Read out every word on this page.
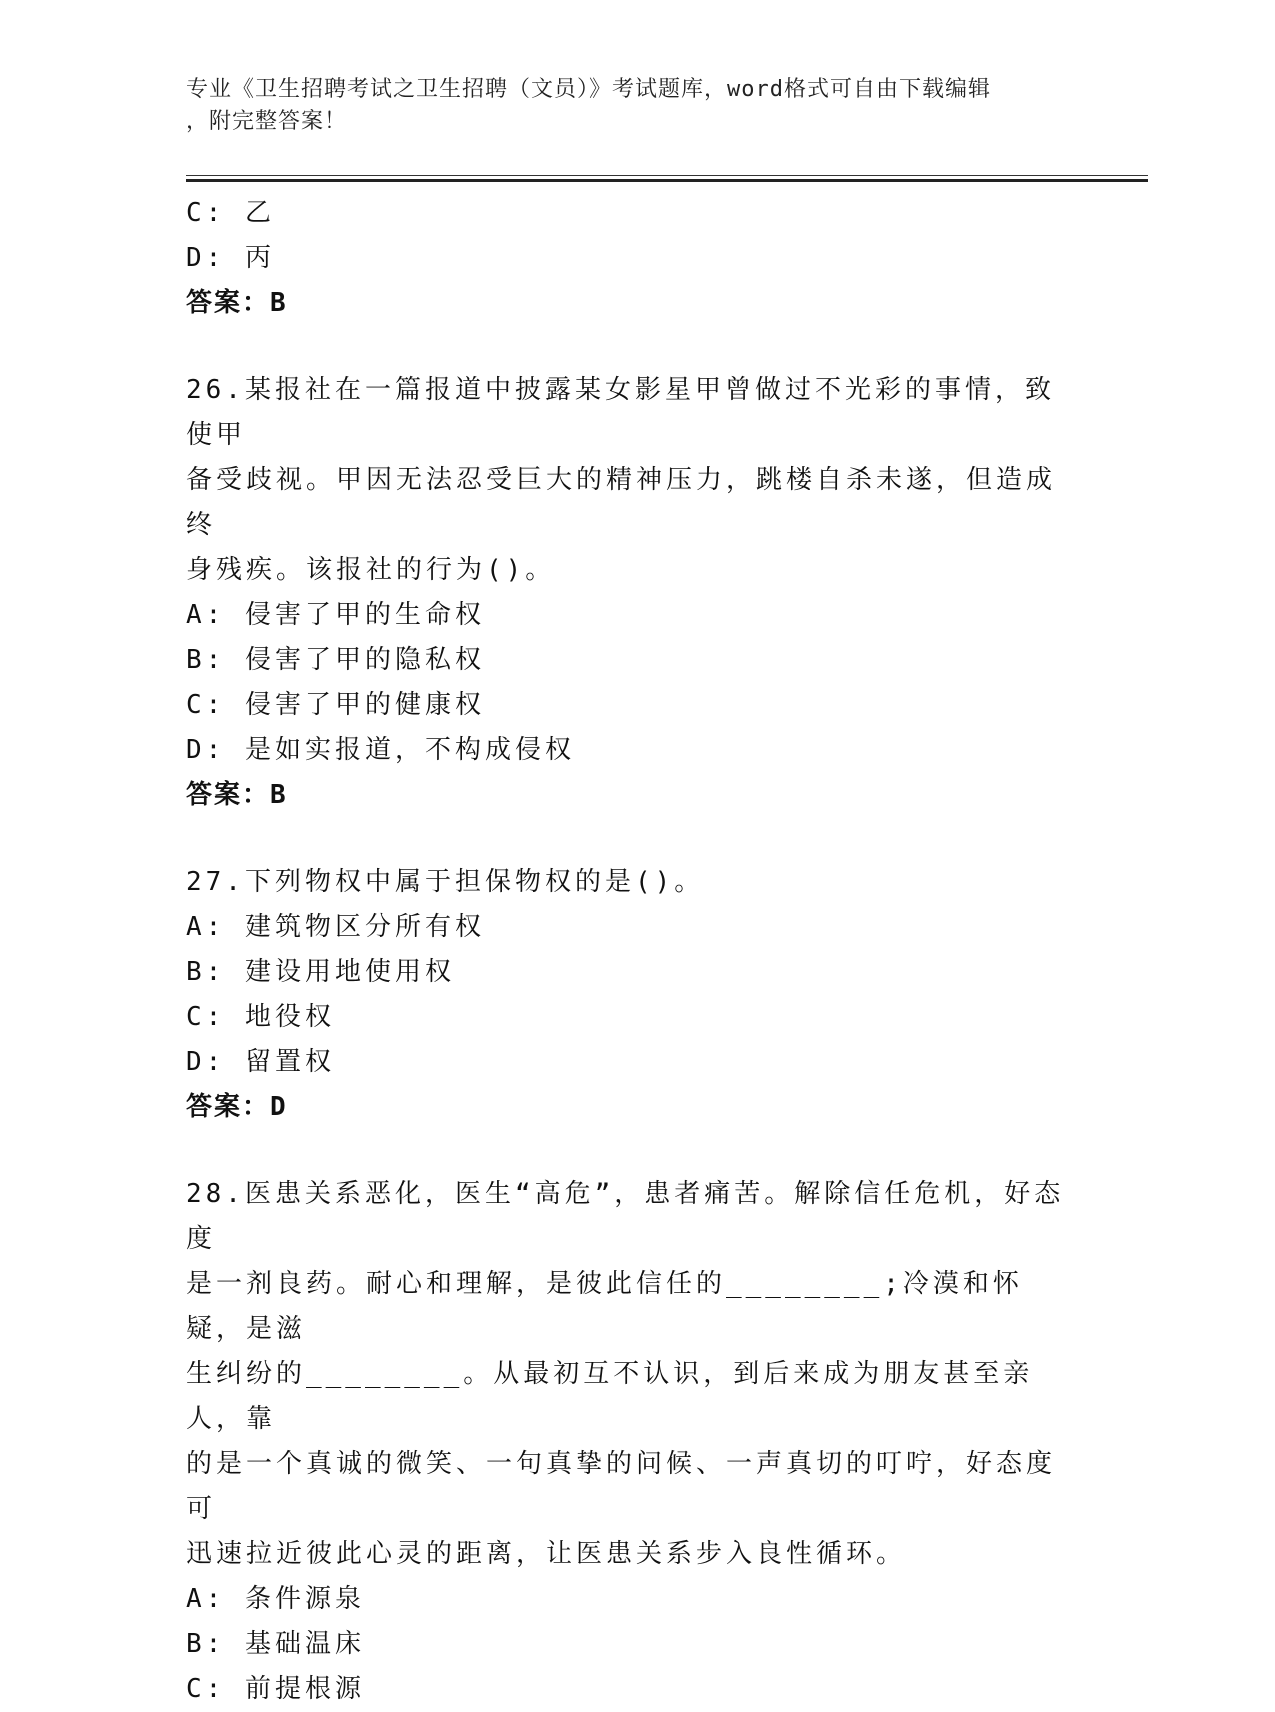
专业《卫生招聘考试之卫生招聘（文员）》考试题库，word格式可自由下载编辑
，附完整答案！
C: 乙
D: 丙
答案：B
26.某报社在一篇报道中披露某女影星甲曾做过不光彩的事情，致使甲
备受歧视。甲因无法忍受巨大的精神压力，跳楼自杀未遂，但造成终
身残疾。该报社的行为()。
A: 侵害了甲的生命权
B: 侵害了甲的隐私权
C: 侵害了甲的健康权
D: 是如实报道，不构成侵权
答案：B
27.下列物权中属于担保物权的是()。
A: 建筑物区分所有权
B: 建设用地使用权
C: 地役权
D: 留置权
答案：D
28.医患关系恶化，医生“高危”，患者痛苦。解除信任危机，好态度
是一剂良药。耐心和理解，是彼此信任的________;冷漠和怀疑，是滋
生纠纷的________。从最初互不认识，到后来成为朋友甚至亲人，靠
的是一个真诚的微笑、一句真挚的问候、一声真切的叮咛，好态度可
迅速拉近彼此心灵的距离，让医患关系步入良性循环。
A: 条件源泉
B: 基础温床
C: 前提根源
